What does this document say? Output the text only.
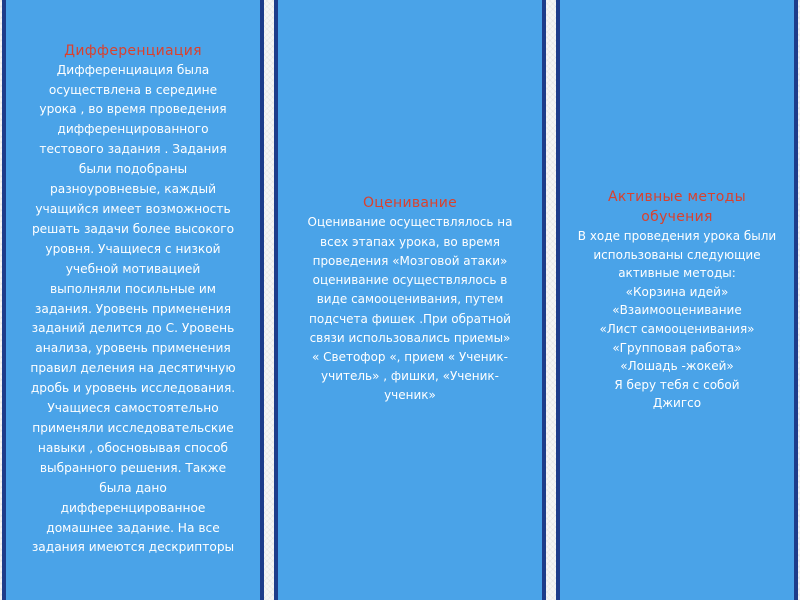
Дифференциация

Дифференциация была
осуществлена в середине
урока , во время проведения
дифференцированного
тестового задания . Задания
были подобраны
разноуровневые, каждый
учащийся имеет возможность
решать задачи более высокого
уровня. Учащиеся с низкой
учебной мотивацией
выполняли посильные им
задания. Уровень применения
заданий делится до С. Уровень
анализа, уровень применения
правил деления на десятичную
дробь и уровень исследования.
Учащиеся самостоятельно
применяли исследовательские
навыки , обосновывая способ
выбранного решения. Также
была дано
дифференцированное
домашнее задание. На все
задания имеются дескрипторы

Оценивание

Оценивание осуществлялось на
всех этапах урока, во время
проведения «Мозговой атаки»
оценивание осуществлялось в
виде самооценивания, путем
подсчета фишек .При обратной
связи использовались приемы»
« Светофор «, прием « Ученик-
учитель» , фишки, «Ученик-
ученик»

Активные методы обучения

В ходе проведения урока были
использованы следующие
активные методы:
«Корзина идей»
«Взаимооценивание
«Лист самооценивания»
«Групповая работа»
«Лошадь -жокей»
Я беру тебя с собой
Джигсо
